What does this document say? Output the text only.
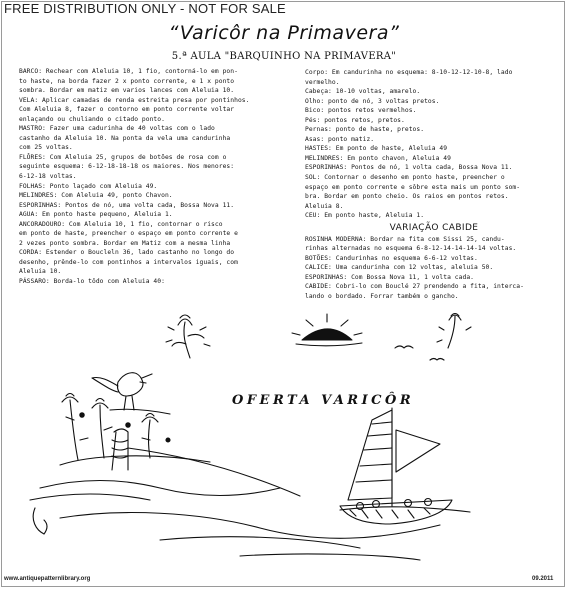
FREE DISTRIBUTION ONLY - NOT FOR SALE
“Varicôr na Primavera”
5.ª AULA "BARQUINHO NA PRIMAVERA"
BARCO: Rechear com Aleluia 10, 1 fio, contorná-lo em pon-
to haste, na borda fazer 2 x ponto corrente, e 1 x ponto
sombra. Bordar em matiz em varios lances com Aleluia 10.
VELA: Aplicar camadas de renda estreita presa por pontinhos.
Com Aleluia 8, fazer o contorno em ponto corrente voltar
enlaçando ou chuliando o citado ponto.
MASTRO: Fazer uma cadurinha de 40 voltas com o lado
castanho da Aleluia 10. Na ponta da vela uma candurinha
com 25 voltas.
FLÔRES: Com Aleluia 25, grupos de botões de rosa com o
seguinte esquema: 6-12-18-18-18 os maiores. Nos menores:
6-12-18 voltas.
FOLHAS: Ponto laçado com Aleluia 49.
MELINDRES: Com Aleluia 49, ponto Chavon.
ESPORINHAS: Pontos de nó, uma volta cada, Bossa Nova 11.
AGUA: Em ponto haste pequeno, Aleluia 1.
ANCORADOURO: Com Aleluia 10, 1 fio, contornar o risco
em ponto de haste, preencher o espaço em ponto corrente e
2 vezes ponto sombra. Bordar em Matiz com a mesma linha
CORDA: Estender o Boucleln 36, lado castanho no longo do
desenho, prênde-lo com pontinhos a intervalos iguais, com
Aleluia 10.
PÁSSARO: Borda-lo tôdo com Aleluia 40:
Corpo: Em candurinha no esquema: 8-10-12-12-10-8, lado
vermelho.
Cabeça: 10-10 voltas, amarelo.
Olho: ponto de nó, 3 voltas pretos.
Bico: pontos retos vermelhos.
Pés: pontos retos, pretos.
Pernas: ponto de haste, pretos.
Asas: ponto matiz.
HASTES: Em ponto de haste, Aleluia 49
MELINDRES: Em ponto chavon, Aleluia 49
ESPORINHAS: Pontos de nó, 1 volta cada, Bossa Nova 11.
SOL: Contornar o desenho em ponto haste, preencher o
espaço em ponto corrente e sôbre esta mais um ponto som-
bra. Bordar em ponto cheio. Os raios em pontos retos.
Aleluia 8.
CEU: Em ponto haste, Aleluia 1.
VARIAÇÃO CABIDE
ROSINHA MODERNA: Bordar na fita com Sissi 25, candu-
rinhas alternadas no esquema 6-8-12-14-14-14-14 voltas.
BOTÕES: Candurinhas no esquema 6-6-12 voltas.
CALICE: Uma candurinha com 12 voltas, aleluia 50.
ESPORINHAS: Com Bossa Nova 11, 1 volta cada.
CABIDE: Cobri-lo com Bouclé 27 prendendo a fita, interca-
lando o bordado. Forrar também o gancho.
OFERTA VARICÔR
www.antiquepatternlibrary.org	09.2011
